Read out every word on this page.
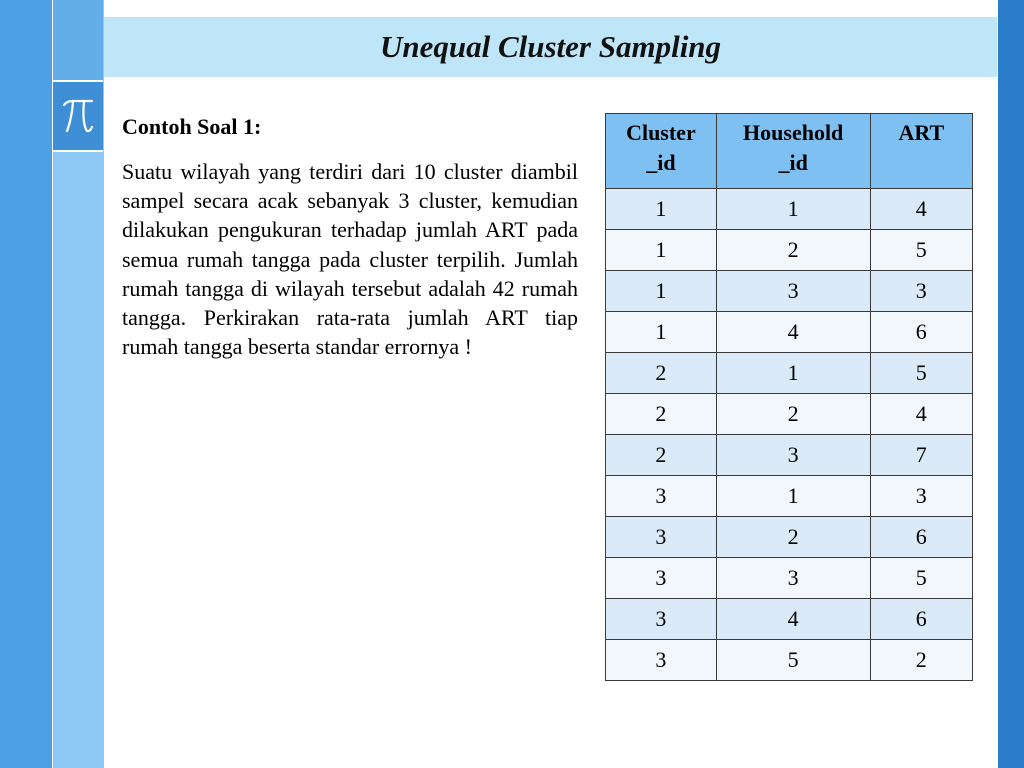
Unequal Cluster Sampling

Contoh Soal 1:

Suatu wilayah yang terdiri dari 10 cluster diambil sampel secara acak sebanyak 3 cluster, kemudian dilakukan pengukuran terhadap jumlah ART pada semua rumah tangga pada cluster terpilih. Jumlah rumah tangga di wilayah tersebut adalah 42 rumah tangga. Perkirakan rata-rata jumlah ART tiap rumah tangga beserta standar errornya !

Cluster _id	Household _id	ART
1	1	4
1	2	5
1	3	3
1	4	6
2	1	5
2	2	4
2	3	7
3	1	3
3	2	6
3	3	5
3	4	6
3	5	2
